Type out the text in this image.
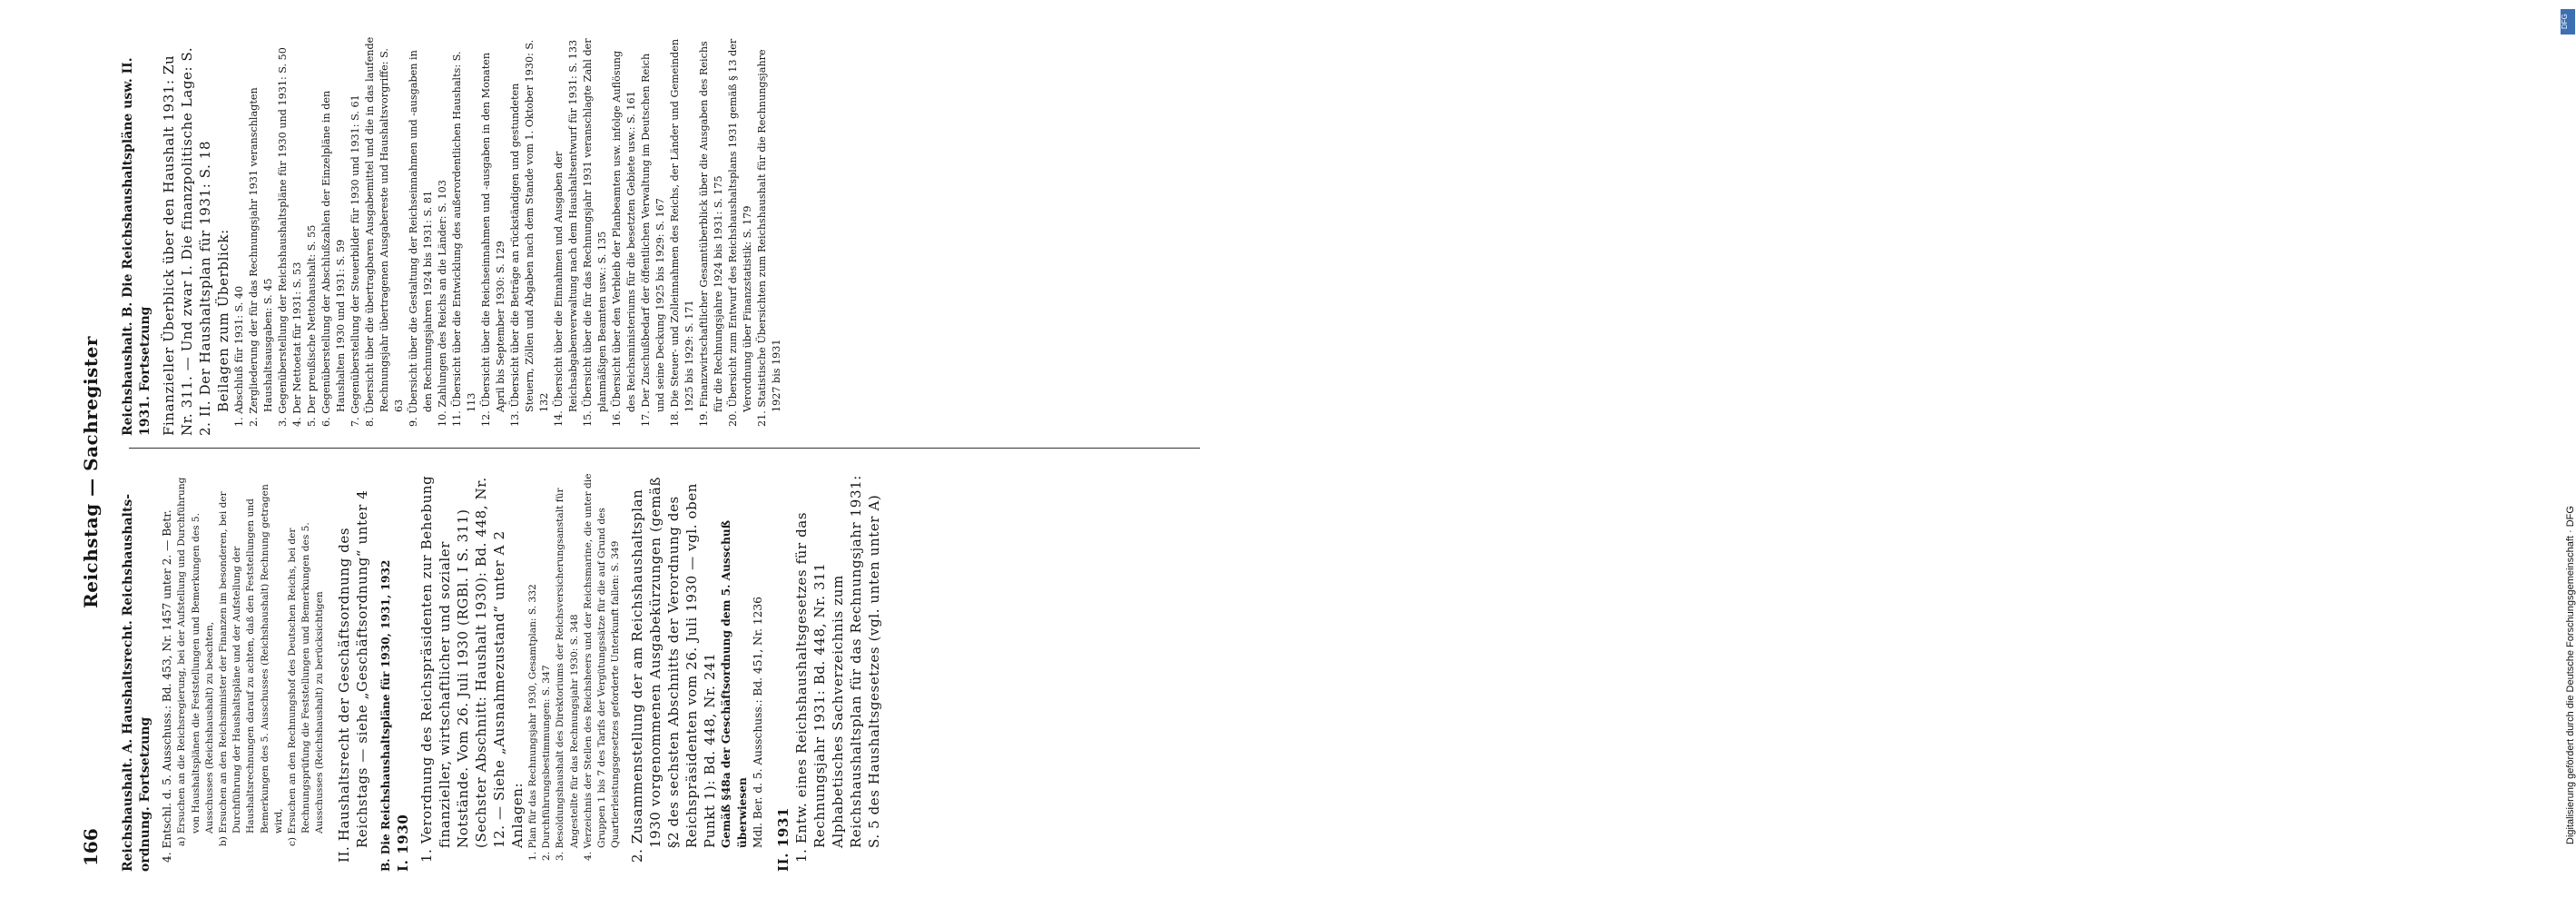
166
Reichstag — Sachregister

Reichshaushalt. A. Haushaltsrecht. Reichshaushalts-ordnung. Fortsetzung 4. Entschl. d. 5. Ausschuss.: Bd. 453, Nr. 1457 unter 2. — Betr. a) Ersuchen an die Reichsregierung, bei der Aufstellung und Durchführung von Haushaltsplänen die Feststellungen und Bemerkungen des 5. Ausschusses (Reichshaushalt) zu beachten, b) Ersuchen an den Reichsminister der Finanzen im besonderen, bei der Durchführung der Haushaltspläne und der Aufstellung der Haushaltsrechnungen darauf zu achten, daß den Feststellungen und Bemerkungen des 5. Ausschusses (Reichshaushalt) Rechnung getragen wird, c) Ersuchen an den Rechnungshof des Deutschen Reichs, bei der Rechnungsprüfung die Feststellungen und Bemerkungen des 5. Ausschusses (Reichshaushalt) zu berücksichtigen II. Haushaltsrecht der Geschäftsordnung des Reichstags — siehe „Geschäftsordnung“ unter 4 B. Die Reichshaushaltspläne für 1930, 1931, 1932 I. 1930 1. Verordnung des Reichspräsidenten zur Behebung finanzieller, wirtschaftlicher und sozialer Notstände. Vom 26. Juli 1930 (RGBl. I S. 311) (Sechster Abschnitt: Haushalt 1930): Bd. 448, Nr. 12. — Siehe „Ausnahmezustand“ unter A 2 Anlagen: 1. Plan für das Rechnungsjahr 1930, Gesamtplan: S. 332 2. Durchführungsbestimmungen: S. 347 3. Besoldungshaushalt des Direktoriums der Reichsversicherungsanstalt für Angestellte für das Rechnungsjahr 1930: S. 348 4. Verzeichnis der Stellen des Reichsheers und der Reichsmarine, die unter die Gruppen 1 bis 7 des Tarifs der Vergütungssätze für die auf Grund des Quartierleistungsgesetzes geforderte Unterkunft fallen: S. 349 2. Zusammenstellung der am Reichshaushaltsplan 1930 vorgenommenen Ausgabekürzungen (gemäß §2 des sechsten Abschnitts der Verordnung des Reichspräsidenten vom 26. Juli 1930 — vgl. oben Punkt 1): Bd. 448, Nr. 241 Gemäß §48a der Geschäftsordnung dem 5. Ausschuß überwiesen Mdl. Ber. d. 5. Ausschuss.: Bd. 451, Nr. 1236 II. 1931 1. Entw. eines Reichshaushaltsgesetzes für das Rechnungsjahr 1931: Bd. 448, Nr. 311 Alphabetisches Sachverzeichnis zum Reichshaushaltsplan für das Rechnungsjahr 1931: S. 5 des Haushaltsgesetzes (vgl. unten unter A)

Reichshaushalt. B. Die Reichshaushaltspläne usw. II. 1931. Fortsetzung Finanzieller Überblick über den Haushalt 1931: Zu Nr. 311. — Und zwar I. Die finanzpolitische Lage: S. 2. II. Der Haushaltsplan für 1931: S. 18 Beilagen zum Überblick: 1. Abschluß für 1931: S. 40 2. Zergliederung der für das Rechnungsjahr 1931 veranschlagten Haushaltsausgaben: S. 45 3. Gegenüberstellung der Reichshaushaltspläne für 1930 und 1931: S. 50 4. Der Nettoetat für 1931: S. 53 5. Der preußische Nettohaushalt: S. 55 6. Gegenüberstellung der Abschlußzahlen der Einzelpläne in den Haushalten 1930 und 1931: S. 59 7. Gegenüberstellung der Steuerbilder für 1930 und 1931: S. 61 8. Übersicht über die übertragbaren Ausgabemittel und die in das laufende Rechnungsjahr übertragenen Ausgabereste und Haushaltsvorgriffe: S. 63 9. Übersicht über die Gestaltung der Reichseinnahmen und -ausgaben in den Rechnungsjahren 1924 bis 1931: S. 81 10. Zahlungen des Reichs an die Länder: S. 103 11. Übersicht über die Entwicklung des außerordentlichen Haushalts: S. 113 12. Übersicht über die Reichseinnahmen und -ausgaben in den Monaten April bis September 1930: S. 129 13. Übersicht über die Beträge an rückständigen und gestundeten Steuern, Zöllen und Abgaben nach dem Stande vom 1. Oktober 1930: S. 132 14. Übersicht über die Einnahmen und Ausgaben der Reichsabgabenverwaltung nach dem Haushaltsentwurf für 1931: S. 133 15. Übersicht über die für das Rechnungsjahr 1931 veranschlagte Zahl der planmäßigen Beamten usw.: S. 135 16. Übersicht über den Verbleib der Planbeamten usw. infolge Auflösung des Reichsministeriums für die besetzten Gebiete usw.: S. 161 17. Der Zuschußbedarf der öffentlichen Verwaltung im Deutschen Reich und seine Deckung 1925 bis 1929: S. 167 18. Die Steuer- und Zolleinnahmen des Reichs, der Länder und Gemeinden 1925 bis 1929: S. 171 19. Finanzwirtschaftlicher Gesamtüberblick über die Ausgaben des Reichs für die Rechnungsjahre 1924 bis 1931: S. 175 20. Übersicht zum Entwurf des Reichshaushaltsplans 1931 gemäß § 13 der Verordnung über Finanzstatistik: S. 179 21. Statistische Übersichten zum Reichshaushalt für die Rechnungsjahre 1927 bis 1931

DFG
Digitalisierung gefördert durch die Deutsche Forschungsgemeinschaft · DFG
